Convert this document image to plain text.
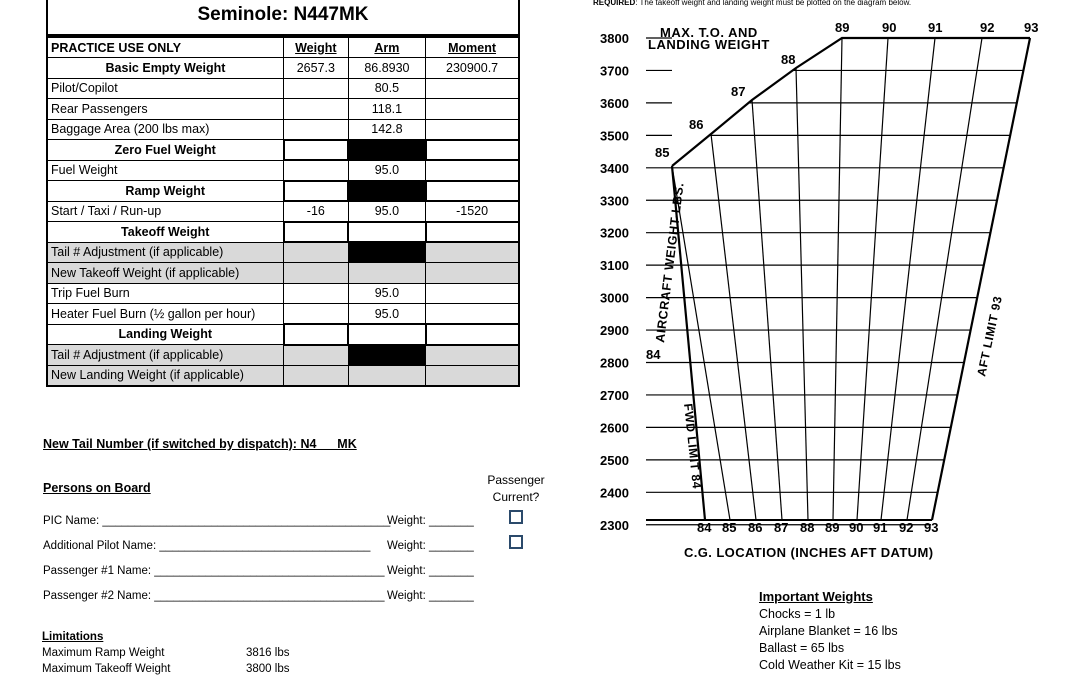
Seminole: N447MK
PRACTICE USE ONLY	Weight	Arm	Moment
Basic Empty Weight	2657.3	86.8930	230900.7
Pilot/Copilot		80.5	
Rear Passengers		118.1	
Baggage Area (200 lbs max)		142.8	
Zero Fuel Weight			
Fuel Weight		95.0	
Ramp Weight			
Start / Taxi / Run-up	-16	95.0	-1520
Takeoff Weight			
Tail # Adjustment (if applicable)			
New Takeoff Weight (if applicable)			
Trip Fuel Burn		95.0	
Heater Fuel Burn (½ gallon per hour)		95.0	
Landing Weight			
Tail # Adjustment (if applicable)			
New Landing Weight (if applicable)			
New Tail Number (if switched by dispatch): N4___MK
Persons on Board
Passenger Current?
PIC Name: _____________________________________________
Weight: _______
Additional Pilot Name: _________________________________ Weight: _______
Passenger #1 Name: ____________________________________ Weight: _______
Passenger #2 Name: ____________________________________ Weight: _______
Limitations
Maximum Ramp Weight	3816 lbs
Maximum Takeoff Weight	3800 lbs
REQUIRED: The takeoff weight and landing weight must be plotted on the diagram below.
3800
3700
3600
3500
3400
3300
3200
3100
3000
2900
2800
2700
2600
2500
2400
2300	84 85 86 87 88 89 90 91 92 93
85
86
87
88
89	90 91	92 93
84
MAX. T.O. AND
LANDING WEIGHT
AIRCRAFT WEIGHT-LBS.
FWD LIMIT 84
AFT LIMIT 93
C.G. LOCATION (INCHES AFT DATUM)
Important Weights
Chocks = 1 lb
Airplane Blanket = 16 lbs
Ballast = 65 lbs
Cold Weather Kit = 15 lbs
